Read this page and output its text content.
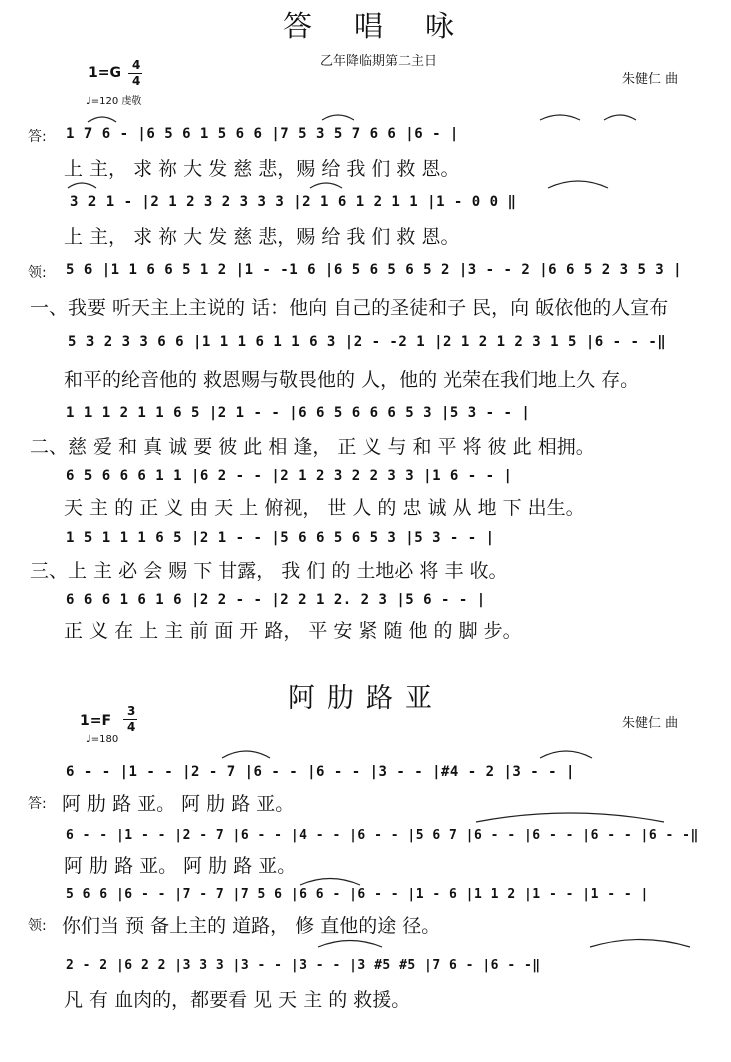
答唱咏
乙年降临期第二主日
朱健仁 曲
1=G 4
4
♩=120 虔敬
答: 1 7 6 - |6 5 6 1 5 6 6 |7 5 3 5 7 6 6 |6 - |
上 主， 求 祢 大 发 慈 悲，赐 给 我 们 救 恩。
3 2 1 - |2 1 2 3 2 3 3 3 |2 1 6 1 2 1 1 |1 - 0 0 ‖
上 主， 求 祢 大 发 慈 悲，赐 给 我 们 救 恩。
领: 5 6 |1 1 6 6 5 1 2 |1 - -1 6 |6 5 6 5 6 5 2 |3 - - 2 |6 6 5 2 3 5 3 |
一、我要 听天主上主说的 话：他向 自己的圣徒和子 民，向 皈依他的人宣布
5 3 2 3 3 6 6 |1 1 1 6 1 1 6 3 |2 - -2 1 |2 1 2 1 2 3 1 5 |6 - - -‖
和平的纶音他的 救恩赐与敬畏他的 人，他的 光荣在我们地上久 存。
1 1 1 2 1 1 6 5 |2 1 - - |6 6 5 6 6 6 5 3 |5 3 - - |
二、慈 爱 和 真 诚 要 彼 此 相 逢， 正 义 与 和 平 将 彼 此 相拥。
6 5 6 6 6 1 1 |6 2 - - |2 1 2 3 2 2 3 3 |1 6 - - |
天 主 的 正 义 由 天 上 俯视， 世 人 的 忠 诚 从 地 下 出生。
1 5 1 1 1 6 5 |2 1 - - |5 6 6 5 6 5 3 |5 3 - - |
三、上 主 必 会 赐 下 甘露， 我 们 的 土地必 将 丰 收。
6 6 6 1 6 1 6 |2 2 - - |2 2 1 2. 2 3 |5 6 - - |
正 义 在 上 主 前 面 开 路， 平 安 紧 随 他 的 脚 步。
阿肋路亚
朱健仁 曲
1=F
3
4
♩=180
6 - - |1 - - |2 - 7 |6 - - |6 - - |3 - - |#4 - 2 |3 - - |
答: 阿 肋 路 亚。 阿 肋 路 亚。
6 - - |1 - - |2 - 7 |6 - - |4 - - |6 - - |5 6 7 |6 - - |6 - - |6 - - |6 - -‖
阿 肋 路 亚。 阿 肋 路 亚。
5 6 6 |6 - - |7 - 7 |7 5 6 |6 6 - |6 - - |1 - 6 |1 1 2 |1 - - |1 - - |
领: 你们当 预 备上主的 道路， 修 直他的途 径。
2 - 2 |6 2 2 |3 3 3 |3 - - |3 - - |3 #5 #5 |7 6 - |6 - -‖
凡 有 血肉的，都要看 见 天 主 的 救援。
